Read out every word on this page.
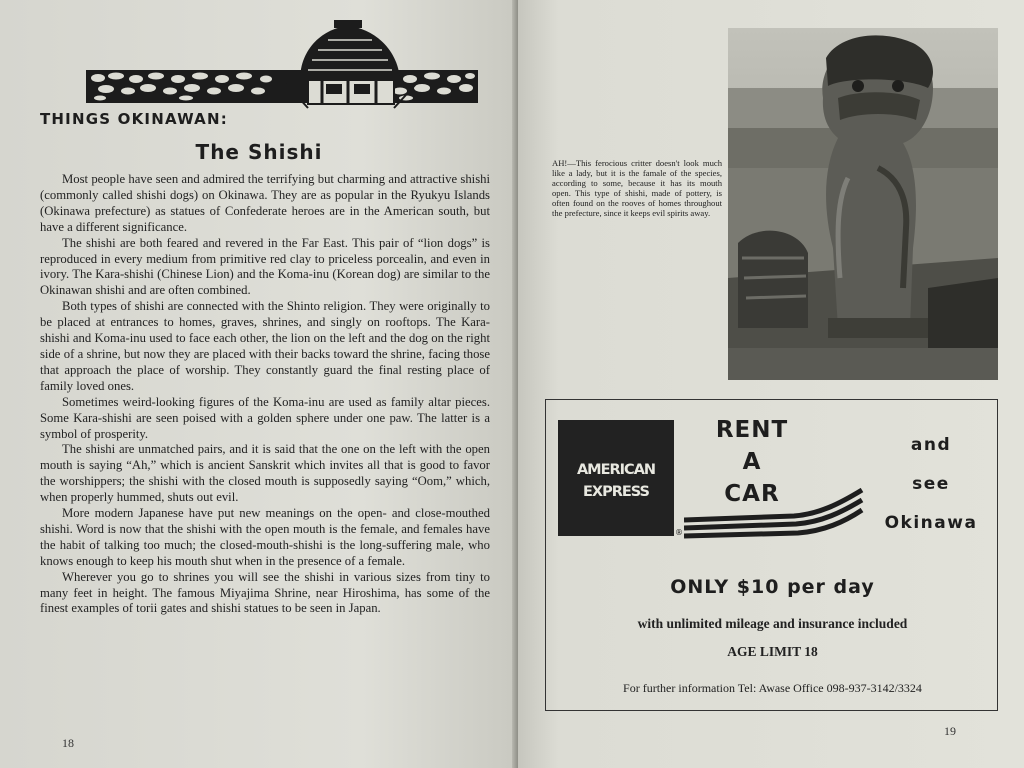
THINGS OKINAWAN:
The Shishi

Most people have seen and admired the terrifying but charming and attractive shishi (commonly called shishi dogs) on Okinawa. They are as popular in the Ryukyu Islands (Okinawa prefecture) as statues of Confederate heroes are in the American south, but have a different significance.

The shishi are both feared and revered in the Far East. This pair of “lion dogs” is reproduced in every medium from primitive red clay to priceless porcealin, and even in ivory. The Kara-shishi (Chinese Lion) and the Koma-inu (Korean dog) are similar to the Okinawan shishi and are often combined.

Both types of shishi are connected with the Shinto religion. They were originally to be placed at entrances to homes, graves, shrines, and singly on rooftops. The Kara-shishi and Koma-inu used to face each other, the lion on the left and the dog on the right side of a shrine, but now they are placed with their backs toward the shrine, facing those that approach the place of worship. They constantly guard the final resting place of family loved ones.

Sometimes weird-looking figures of the Koma-inu are used as family altar pieces. Some Kara-shishi are seen poised with a golden sphere under one paw. The latter is a symbol of prosperity.

The shishi are unmatched pairs, and it is said that the one on the left with the open mouth is saying “Ah,” which is ancient Sanskrit which invites all that is good to favor the worshippers; the shishi with the closed mouth is supposedly saying “Oom,” which, when properly hummed, shuts out evil.

More modern Japanese have put new meanings on the open- and close-mouthed shishi. Word is now that the shishi with the open mouth is the female, and females have the habit of talking too much; the closed-mouth-shishi is the long-suffering male, who knows enough to keep his mouth shut when in the presence of a female.

Wherever you go to shrines you will see the shishi in various sizes from tiny to many feet in height. The famous Miyajima Shrine, near Hiroshima, has some of the finest examples of torii gates and shishi statues to be seen in Japan.

18
19
AH!—This ferocious critter doesn't look much like a lady, but it is the famale of the species, according to some, because it has its mouth open. This type of shishi, made of pottery, is often found on the rooves of homes throughout the prefecture, since it keeps evil spirits away.
AMERICAN
EXPRESS
®
RENT
A
CAR
and
see
Okinawa
ONLY $10 per day
with unlimited mileage and insurance included
AGE LIMIT 18
For further information Tel: Awase Office 098-937-3142/3324
